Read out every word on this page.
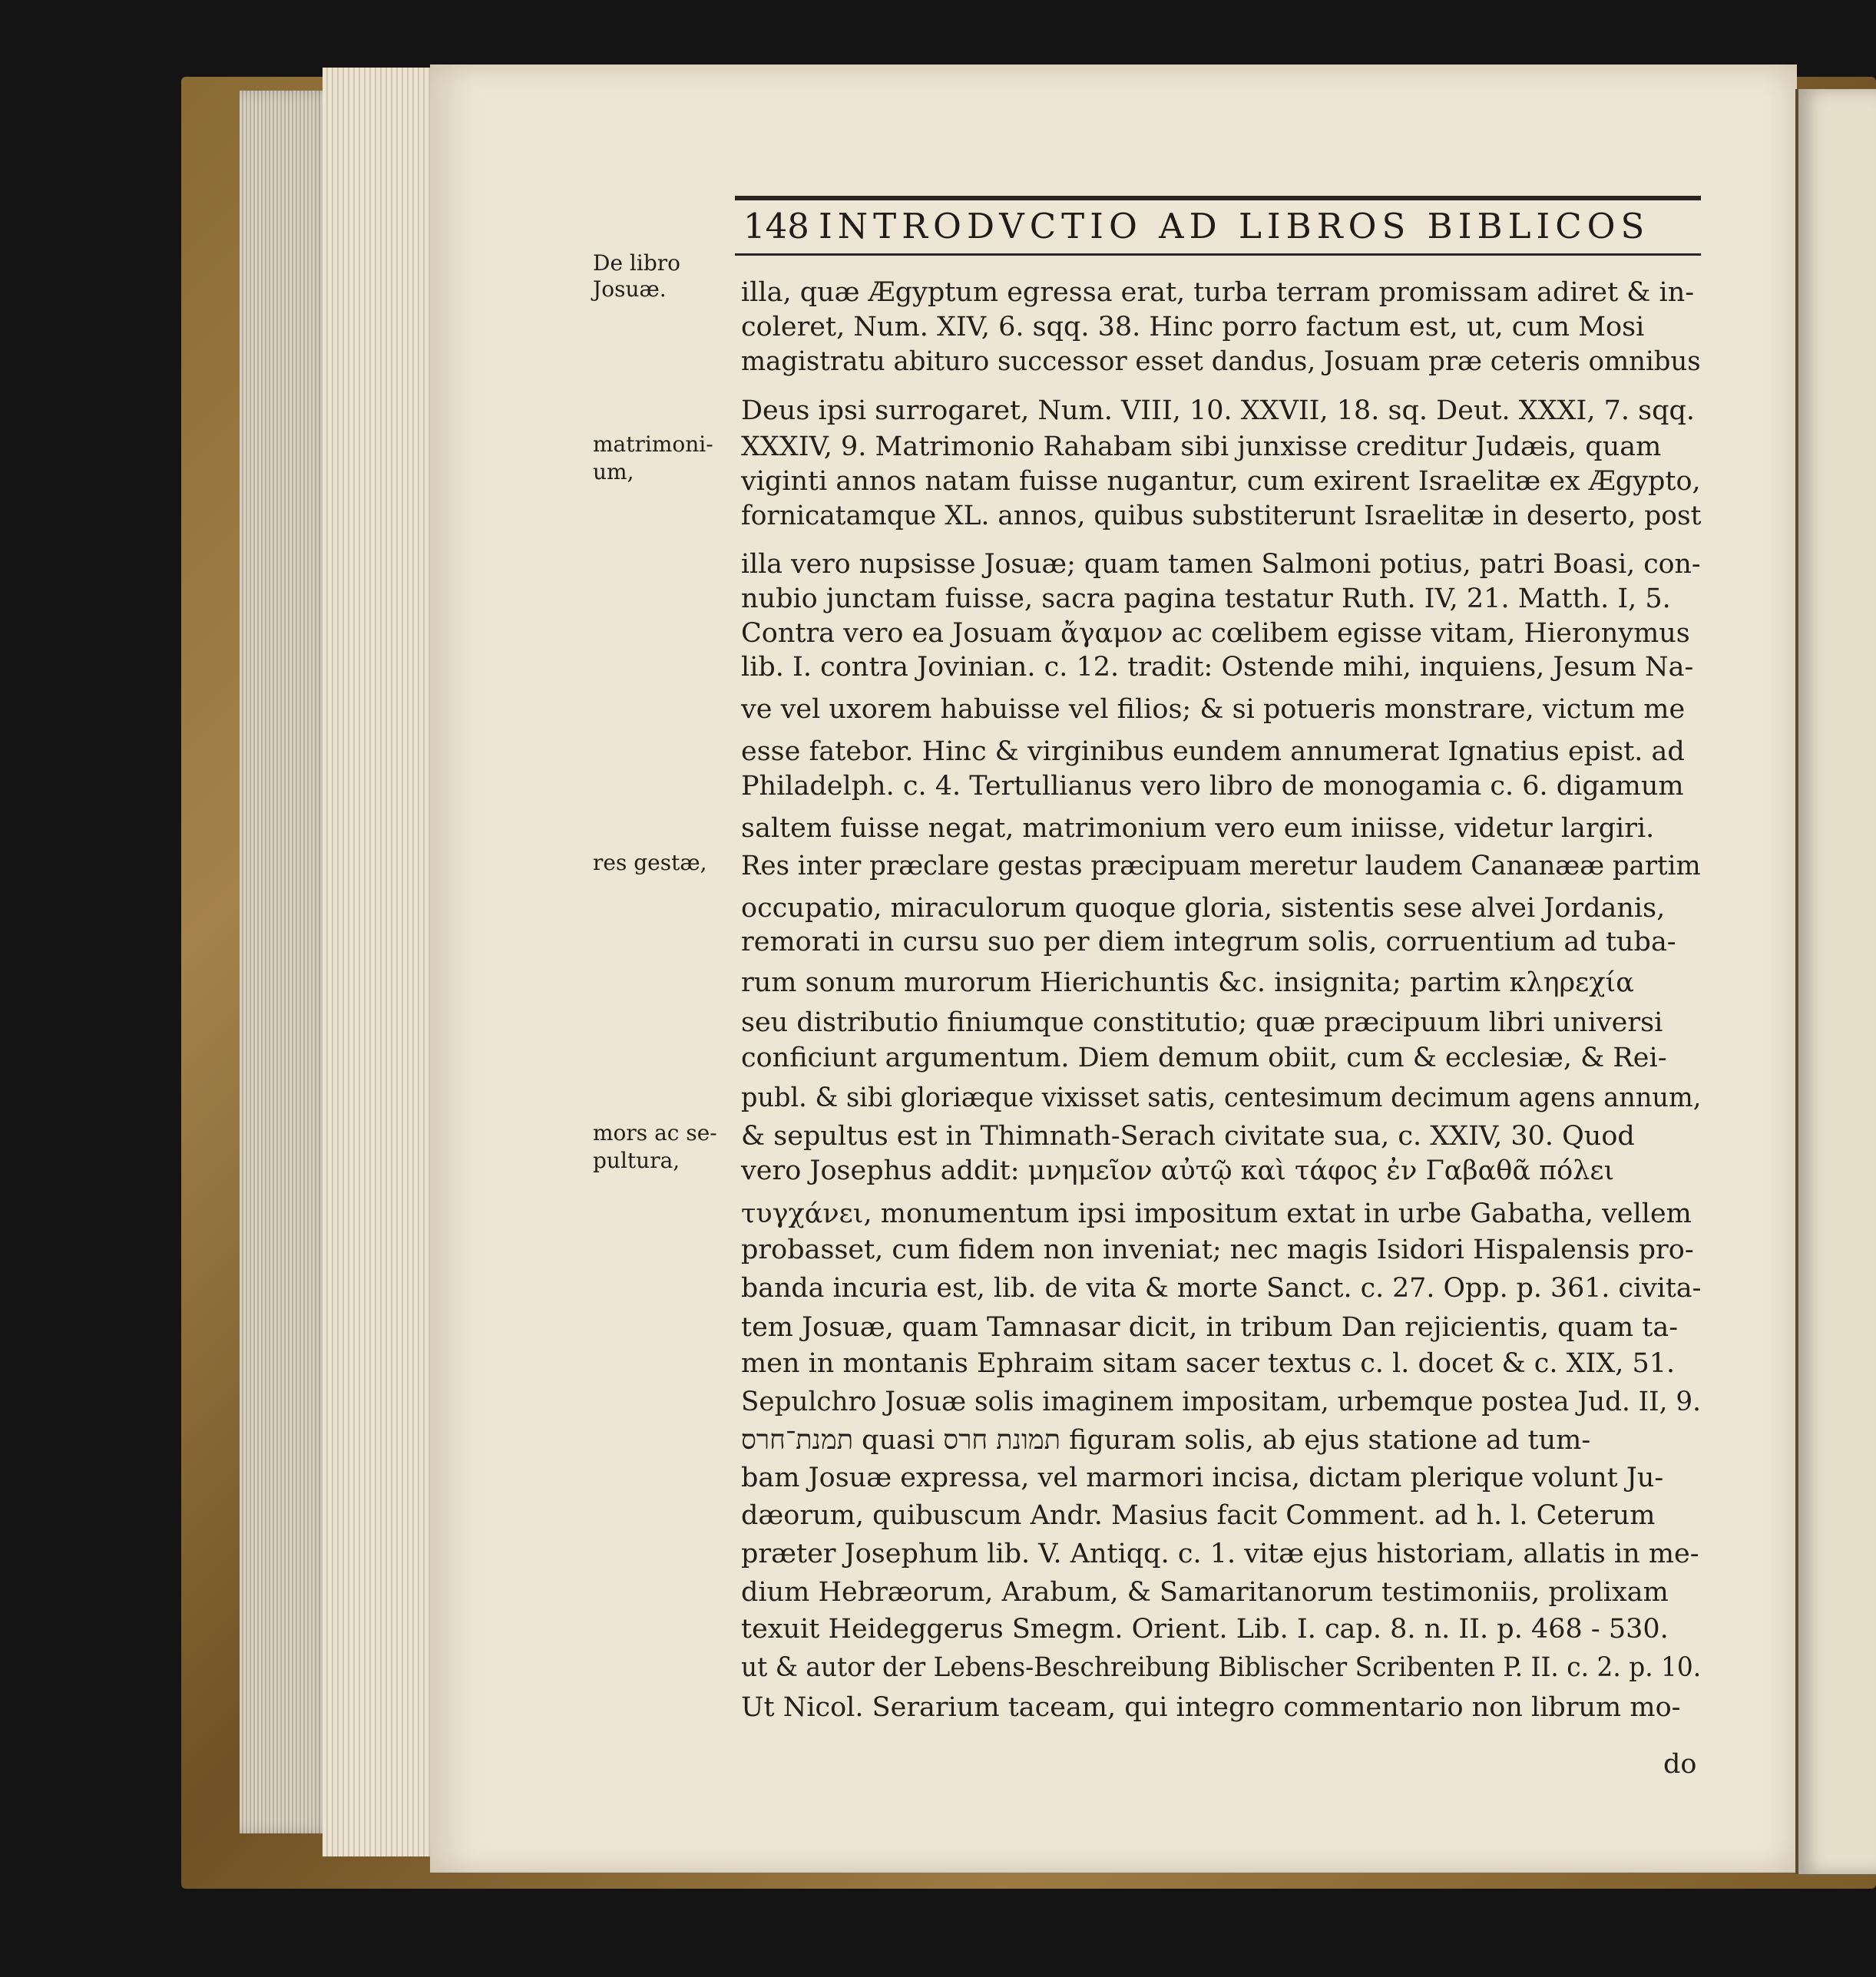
148 INTRODVCTIO AD LIBROS BIBLICOS
De libro
Josuæ.
matrimoni-
um,
res gestæ,
mors ac se-
pultura,
illa, quæ Ægyptum egressa erat, turba terram promissam adiret & in-
coleret, Num. XIV, 6. sqq. 38. Hinc porro factum est, ut, cum Mosi
magistratu abituro successor esset dandus, Josuam præ ceteris omnibus
Deus ipsi surrogaret, Num. VIII, 10. XXVII, 18. sq. Deut. XXXI, 7. sqq.
XXXIV, 9. Matrimonio Rahabam sibi junxisse creditur Judæis, quam
viginti annos natam fuisse nugantur, cum exirent Israelitæ ex Ægypto,
fornicatamque XL. annos, quibus substiterunt Israelitæ in deserto, post
illa vero nupsisse Josuæ; quam tamen Salmoni potius, patri Boasi, con-
nubio junctam fuisse, sacra pagina testatur Ruth. IV, 21. Matth. I, 5.
Contra vero ea Josuam ἄγαμον ac cœlibem egisse vitam, Hieronymus
lib. I. contra Jovinian. c. 12. tradit: Ostende mihi, inquiens, Jesum Na-
ve vel uxorem habuisse vel filios; & si potueris monstrare, victum me
esse fatebor. Hinc & virginibus eundem annumerat Ignatius epist. ad
Philadelph. c. 4. Tertullianus vero libro de monogamia c. 6. digamum
saltem fuisse negat, matrimonium vero eum iniisse, videtur largiri.
Res inter præclare gestas præcipuam meretur laudem Cananææ partim
occupatio, miraculorum quoque gloria, sistentis sese alvei Jordanis,
remorati in cursu suo per diem integrum solis, corruentium ad tuba-
rum sonum murorum Hierichuntis &c. insignita; partim κληρεχία
seu distributio finiumque constitutio; quæ præcipuum libri universi
conficiunt argumentum. Diem demum obiit, cum & ecclesiæ, & Rei-
publ. & sibi gloriæque vixisset satis, centesimum decimum agens annum,
& sepultus est in Thimnath-Serach civitate sua, c. XXIV, 30. Quod
vero Josephus addit: μνημεῖον αὐτῷ καὶ τάφος ἐν Γαβαθᾶ πόλει
τυγχάνει, monumentum ipsi impositum extat in urbe Gabatha, vellem
probasset, cum fidem non inveniat; nec magis Isidori Hispalensis pro-
banda incuria est, lib. de vita & morte Sanct. c. 27. Opp. p. 361. civita-
tem Josuæ, quam Tamnasar dicit, in tribum Dan rejicientis, quam ta-
men in montanis Ephraim sitam sacer textus c. l. docet & c. XIX, 51.
Sepulchro Josuæ solis imaginem impositam, urbemque postea Jud. II, 9.
תמנת־חרס quasi תמונת חרס figuram solis, ab ejus statione ad tum-
bam Josuæ expressa, vel marmori incisa, dictam plerique volunt Ju-
dæorum, quibuscum Andr. Masius facit Comment. ad h. l. Ceterum
præter Josephum lib. V. Antiqq. c. 1. vitæ ejus historiam, allatis in me-
dium Hebræorum, Arabum, & Samaritanorum testimoniis, prolixam
texuit Heideggerus Smegm. Orient. Lib. I. cap. 8. n. II. p. 468 - 530.
ut & autor der Lebens-Beschreibung Biblischer Scribenten P. II. c. 2. p. 10.
Ut Nicol. Serarium taceam, qui integro commentario non librum mo-
do
